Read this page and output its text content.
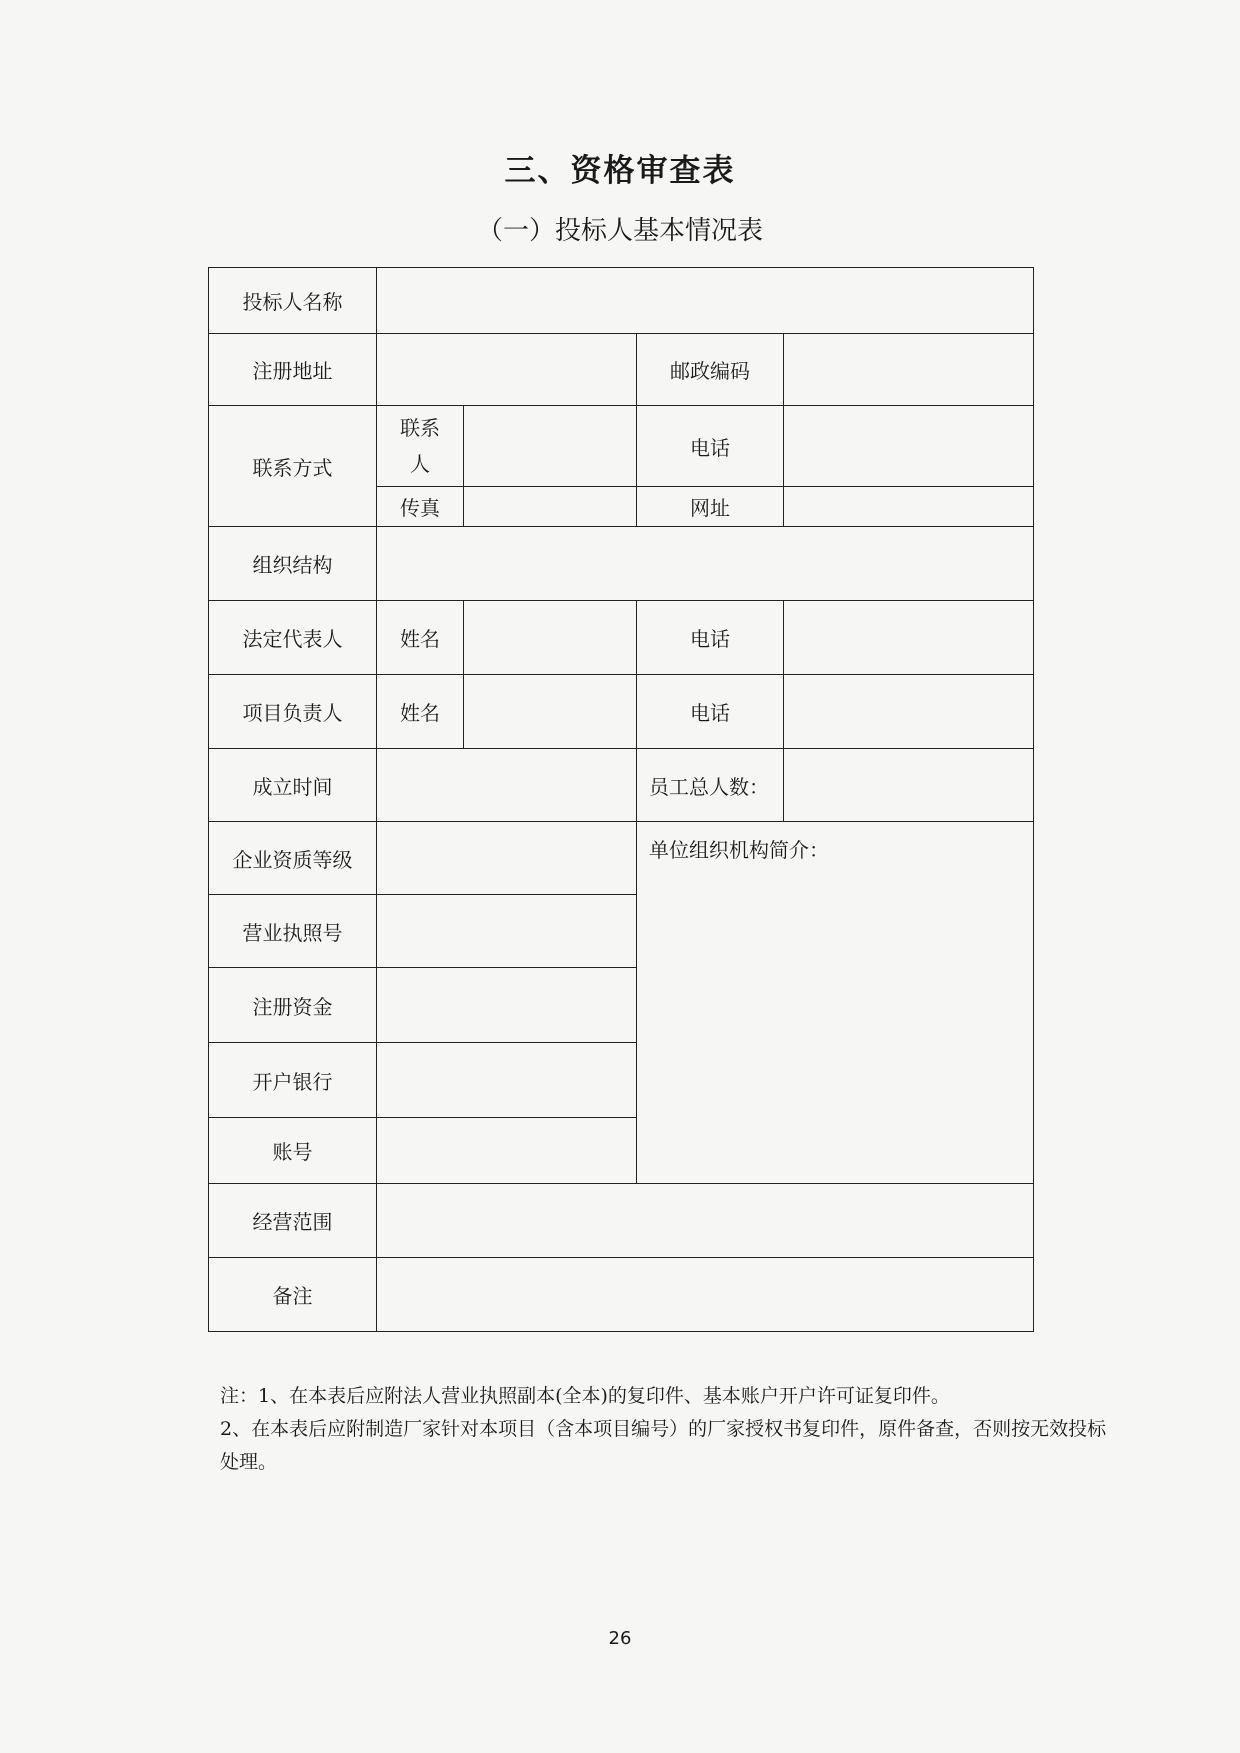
三、资格审查表
（一）投标人基本情况表
投标人名称				
注册地址			邮政编码	
联系方式	联系人		电话	
	传真		网址	
组织结构				
法定代表人	姓名		电话	
项目负责人	姓名		电话	
成立时间			员工总人数：	
企业资质等级			单位组织机构简介：	
营业执照号				
注册资金				
开户银行				
账号				
经营范围				
备注				

注：1、在本表后应附法人营业执照副本(全本)的复印件、基本账户开户许可证复印件。

2、在本表后应附制造厂家针对本项目（含本项目编号）的厂家授权书复印件，原件备查，否则按无效投标处理。

26
